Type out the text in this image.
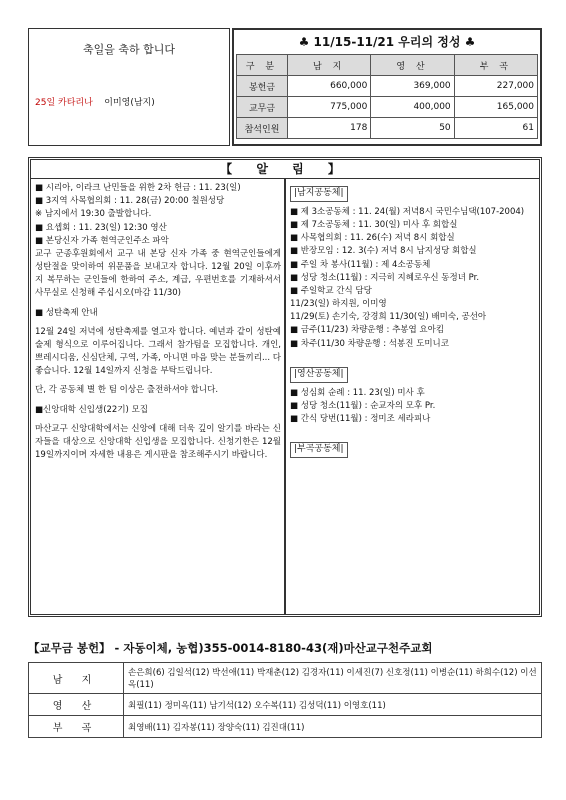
축일을 축하 합니다
25일 카타리나 이미영(남지)
♣ 11/15-11/21 우리의 정성 ♣
구 분	남 지	영 산	부 곡
봉헌금	660,000	369,000	227,000
교무금	775,000	400,000	165,000
참석인원	178	50	61
【 알 림 】

■ 시리아, 이라크 난민들을 위한 2차 헌금 : 11. 23(일)

■ 3지역 사목협의회 : 11. 28(금) 20:00 칠원성당

※ 남지에서 19:30 출발합니다.

■ 요셉회 : 11. 23(일) 12:30 영산

■ 본당신자 가족 현역군인주소 파악

교구 군종후원회에서 교구 내 본당 신자 가족 중 현역군인들에게 성탄절을 맞이하여 위문품을 보내고자 합니다. 12월 20일 이후까지 복무하는 군인들에 한하여 주소, 계급, 우편번호를 기재하셔서 사무실로 신청해 주십시오(마감 11/30)

■ 성탄축제 안내

12월 24일 저녁에 성탄축제를 열고자 합니다. 예년과 같이 성탄예술제 형식으로 이루어집니다. 그래서 참가팀을 모집합니다. 개인, 쁘레시디움, 신심단체, 구역, 가족, 아니면 마음 맞는 분들끼리... 다 좋습니다. 12월 14일까지 신청을 부탁드립니다.

단, 각 공동체 별 한 팀 이상은 출전하셔야 합니다.

■신앙대학 신입생(22기) 모집

마산교구 신앙대학에서는 신앙에 대해 더욱 깊이 알기를 바라는 신자들을 대상으로 신앙대학 신입생을 모집합니다. 신청기한은 12월 19일까지이며 자세한 내용은 게시판을 참조해주시기 바랍니다.

|남지공동체|

■ 제 3소공동체 : 11. 24(월) 저녁8시 국민수님댁(107-2004)

■ 제 7소공동체 : 11. 30(일) 미사 후 회합실

■ 사목협의회 : 11. 26(수) 저녁 8시 회합실

■ 반장모임 : 12. 3(수) 저녁 8시 남지성당 회합실

■ 주일 차 봉사(11월) : 제 4소공동체

■ 성당 청소(11월) : 지극히 지혜로우신 동정녀 Pr.

■ 주일학교 간식 담당

11/23(일) 하지원, 이미영

11/29(토) 손기숙, 강경희 11/30(일) 배미숙, 공선아

■ 금주(11/23) 차량운행 : 추봉엽 요아킴

■ 차주(11/30 차량운행 : 석봉진 도미니코

|영산공동체|

■ 성심회 순례 : 11. 23(일) 미사 후

■ 성당 청소(11월) : 순교자의 모후 Pr.

■ 간식 당번(11월) : 정미조 세라피나

|부곡공동체|
【교무금 봉헌】 - 자동이체, 농협)355-0014-8180-43(재)마산교구천주교회
남 지	손은희(6) 김일석(12) 박선애(11) 박재춘(12) 김경자(11) 이세진(7) 신호정(11) 이병순(11) 하희수(12) 이선옥(11)
영 산	최필(11) 정미옥(11) 남기석(12) 오수복(11) 김성덕(11) 이영호(11)
부 곡	최영배(11) 김자봉(11) 장양숙(11) 김진대(11)
